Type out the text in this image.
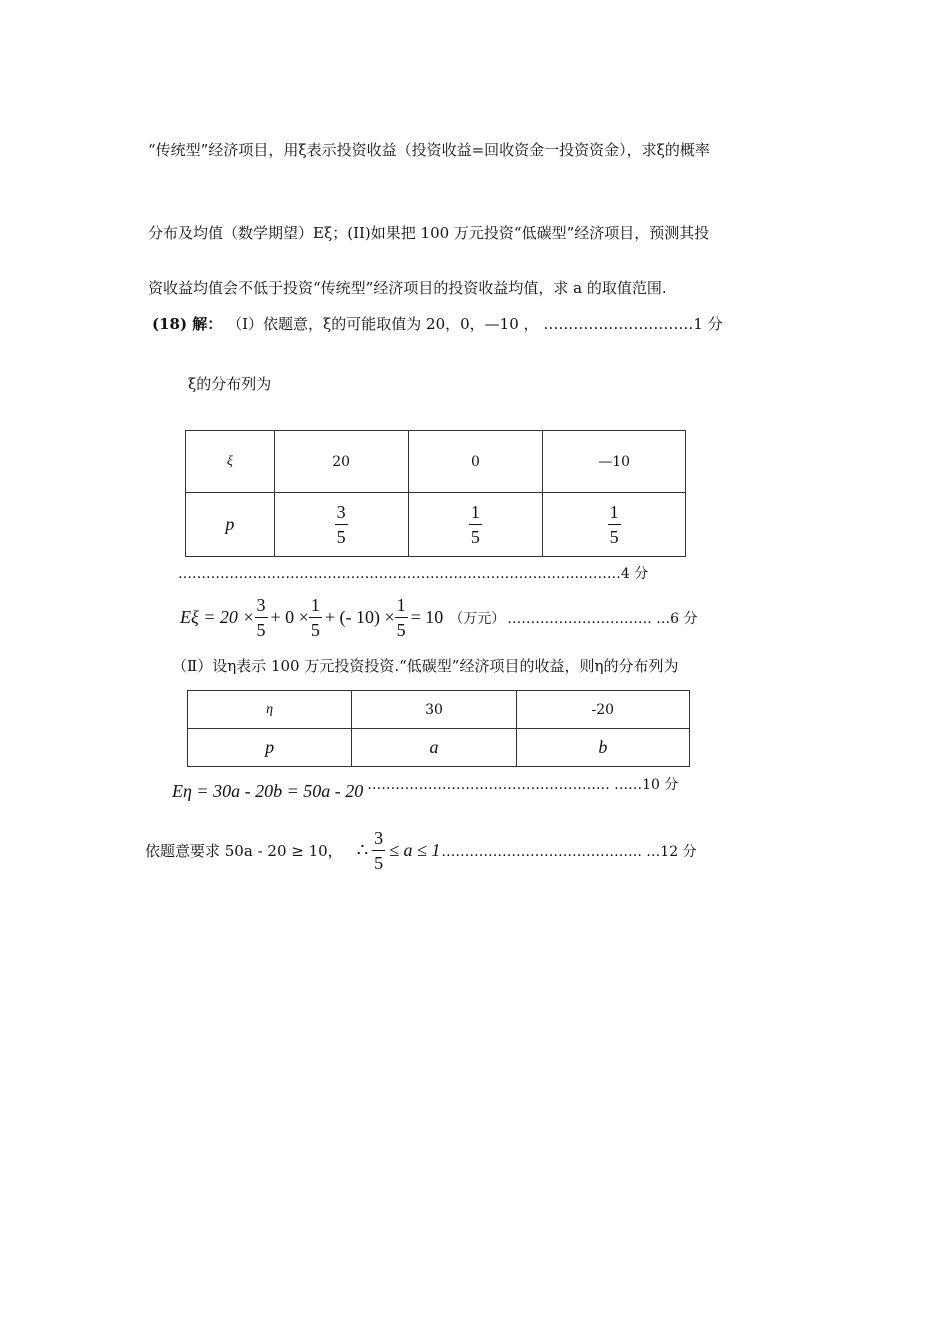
“传统型”经济项目，用ξ表示投资收益（投资收益=回收资金一投资资金），求ξ的概率
分布及均值（数学期望）Eξ；(II)如果把 100 万元投资“低碳型”经济项目，预测其投
资收益均值会不低于投资“传统型”经济项目的投资收益均值，求 a 的取值范围.
(18) 解： （Ⅰ）依题意，ξ的可能取值为 20，0，—10 ， …………………………1 分
ξ的分布列为
ξ	20	0	—10
p	$\frac{3}{5}$	$\frac{1}{5}$	$\frac{1}{5}$
…………………………………………………………………………..………4 分
$E\xi = 20 \times \frac{3}{5} + 0 \times \frac{1}{5}$ + (- $10) \times \frac{1}{5} = 10$ （万元） …………………………. …6 分
（Ⅱ）设η表示 100 万元投资投资.“低碳型”经济项目的收益，则η的分布列为
η	30	-20
p	a	b
Eη = 30a - 20b = 50a - 20 ……………………………………………. ……10 分
依题意要求 50a - 20 ≥ 10， ∴ $\frac{3}{5} \le a \le 1$ ……………………………………. …12 分
